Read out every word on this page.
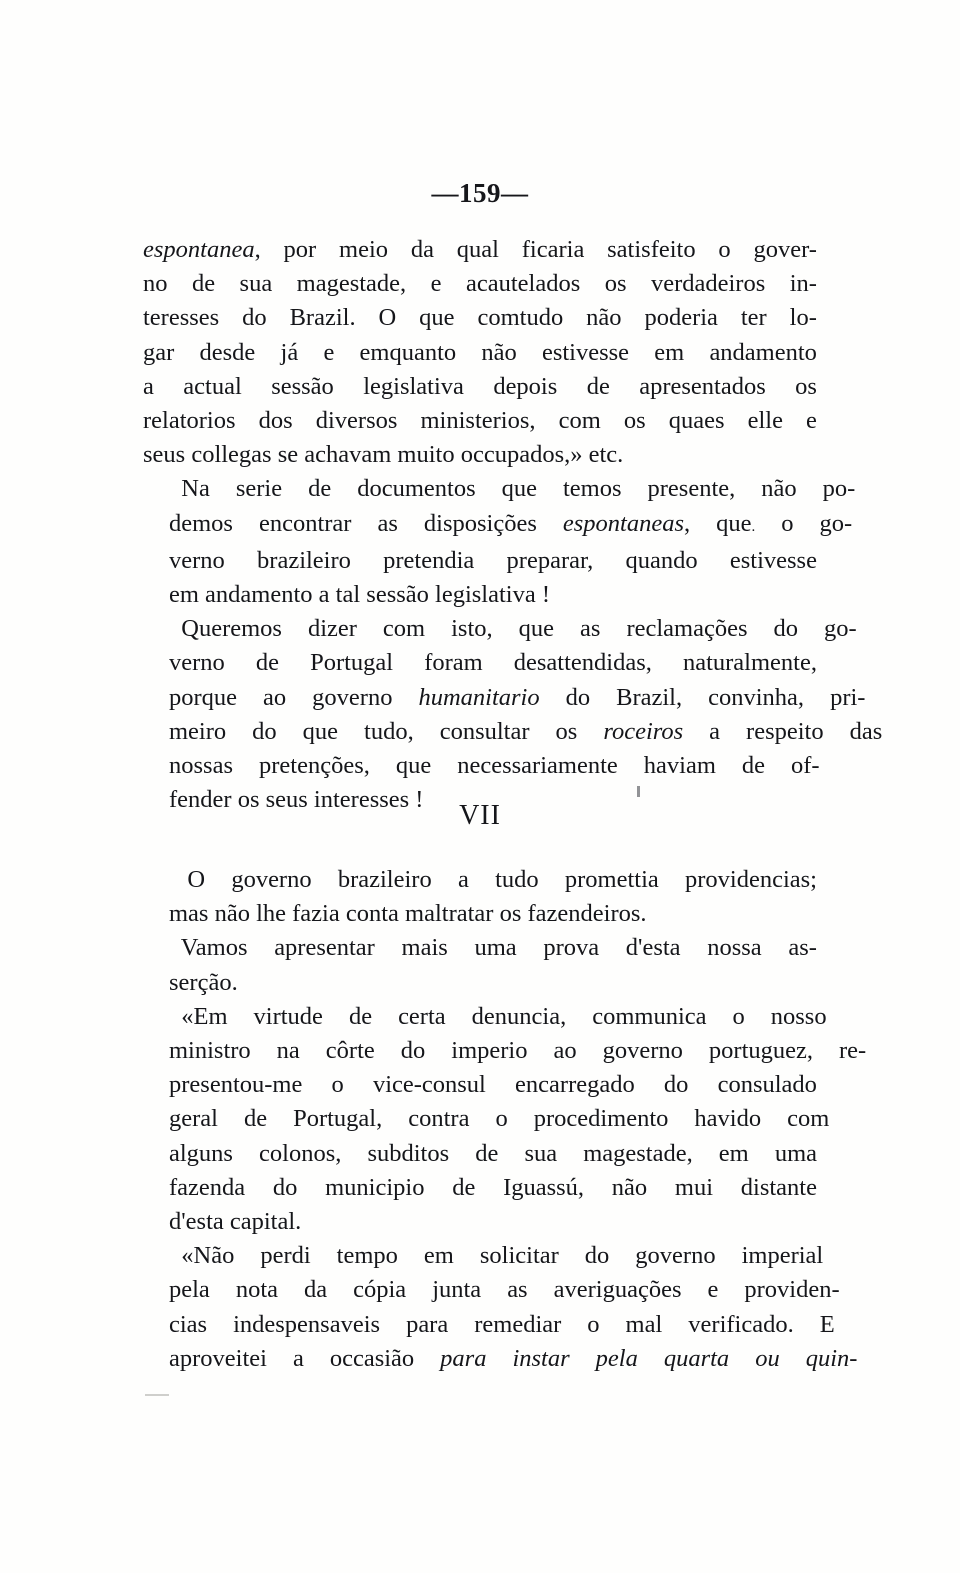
—159—

espontanea, por meio da qual ficaria satisfeito o gover-
no de sua magestade, e acautelados os verdadeiros in-
teresses do Brazil. O que comtudo não poderia ter lo-
gar desde já e emquanto não estivesse em andamento
a actual sessão legislativa depois de apresentados os
relatorios dos diversos ministerios, com os quaes elle e
seus collegas se achavam muito occupados,» etc.

Na	serie	de	documentos	que	temos	presente,	não	po-
demos	encontrar	as	disposições	espontaneas,	que.	o	go-
verno	brazileiro	pretendia	preparar,	quando	estivesse
em andamento a tal sessão legislativa !

Queremos	dizer	com	isto,	que	as	reclamações	do	go-
verno	de	Portugal	foram	desattendidas,	naturalmente,
porque	ao	governo	humanitario	do	Brazil,	convinha,	pri-
meiro	do	que	tudo,	consultar	os	roceiros	a	respeito	das
nossas	pretenções,	que	necessariamente	haviam	de	of-
fender os seus interesses !

VII

O	governo	brazileiro	a	tudo	promettia	providencias;
mas não lhe fazia conta maltratar os fazendeiros.

Vamos	apresentar	mais	uma	prova	d'esta	nossa	as-
serção.

«Em	virtude	de	certa	denuncia,	communica	o	nosso
ministro	na	côrte	do	imperio	ao	governo	portuguez,	re-
presentou-me	o	vice-consul	encarregado	do	consulado
geral	de	Portugal,	contra	o	procedimento	havido	com
alguns	colonos,	subditos	de	sua	magestade,	em	uma
fazenda	do	municipio	de	Iguassú,	não	mui	distante
d'esta capital.

«Não	perdi	tempo	em	solicitar	do	governo	imperial
pela	nota	da	cópia	junta	as	averiguações	e	providen-
cias	indespensaveis	para	remediar	o	mal	verificado.	E
aproveitei	a	occasião	para	instar	pela	quarta	ou	quin-
